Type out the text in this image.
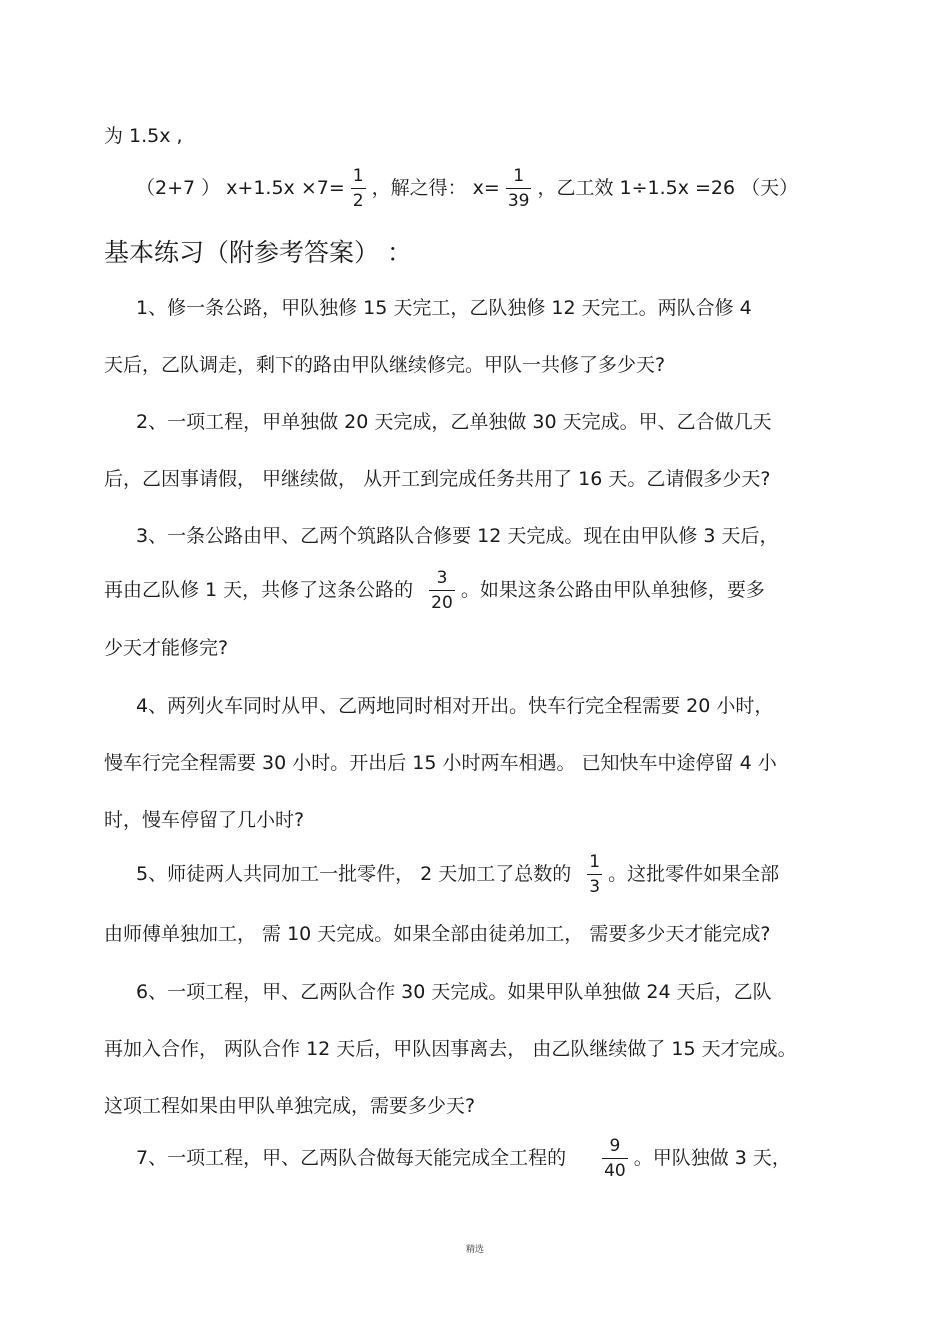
为 1.5x ,
（2+7 ） $x+1.5x \times 7= \frac{1}{2}$ ，解之得： $x= \frac{1}{39}$ ，乙工效 1÷1.5x =26 （天）
基本练习（附参考答案） ：
1、修一条公路，甲队独修 15 天完工，乙队独修 12 天完工。两队合修 4
天后，乙队调走，剩下的路由甲队继续修完。甲队一共修了多少天?
2、一项工程，甲单独做 20 天完成，乙单独做 30 天完成。甲、乙合做几天
后，乙因事请假， 甲继续做， 从开工到完成任务共用了 16 天。乙请假多少天?
3、一条公路由甲、乙两个筑路队合修要 12 天完成。现在由甲队修 3 天后，
再由乙队修 1 天，共修了这条公路的 $\frac{3}{20}$ 。如果这条公路由甲队单独修，要多
少天才能修完?
4、两列火车同时从甲、乙两地同时相对开出。快车行完全程需要 20 小时，
慢车行完全程需要 30 小时。开出后 15 小时两车相遇。 已知快车中途停留 4 小
时，慢车停留了几小时?
5、师徒两人共同加工一批零件， 2 天加工了总数的 $\frac{1}{3}$ 。这批零件如果全部
由师傅单独加工， 需 10 天完成。如果全部由徒弟加工， 需要多少天才能完成?
6、一项工程，甲、乙两队合作 30 天完成。如果甲队单独做 24 天后，乙队
再加入合作， 两队合作 12 天后，甲队因事离去， 由乙队继续做了 15 天才完成。
这项工程如果由甲队单独完成，需要多少天?
7、一项工程，甲、乙两队合做每天能完成全工程的 $\frac{9}{40}$ 。甲队独做 3 天，
精选
